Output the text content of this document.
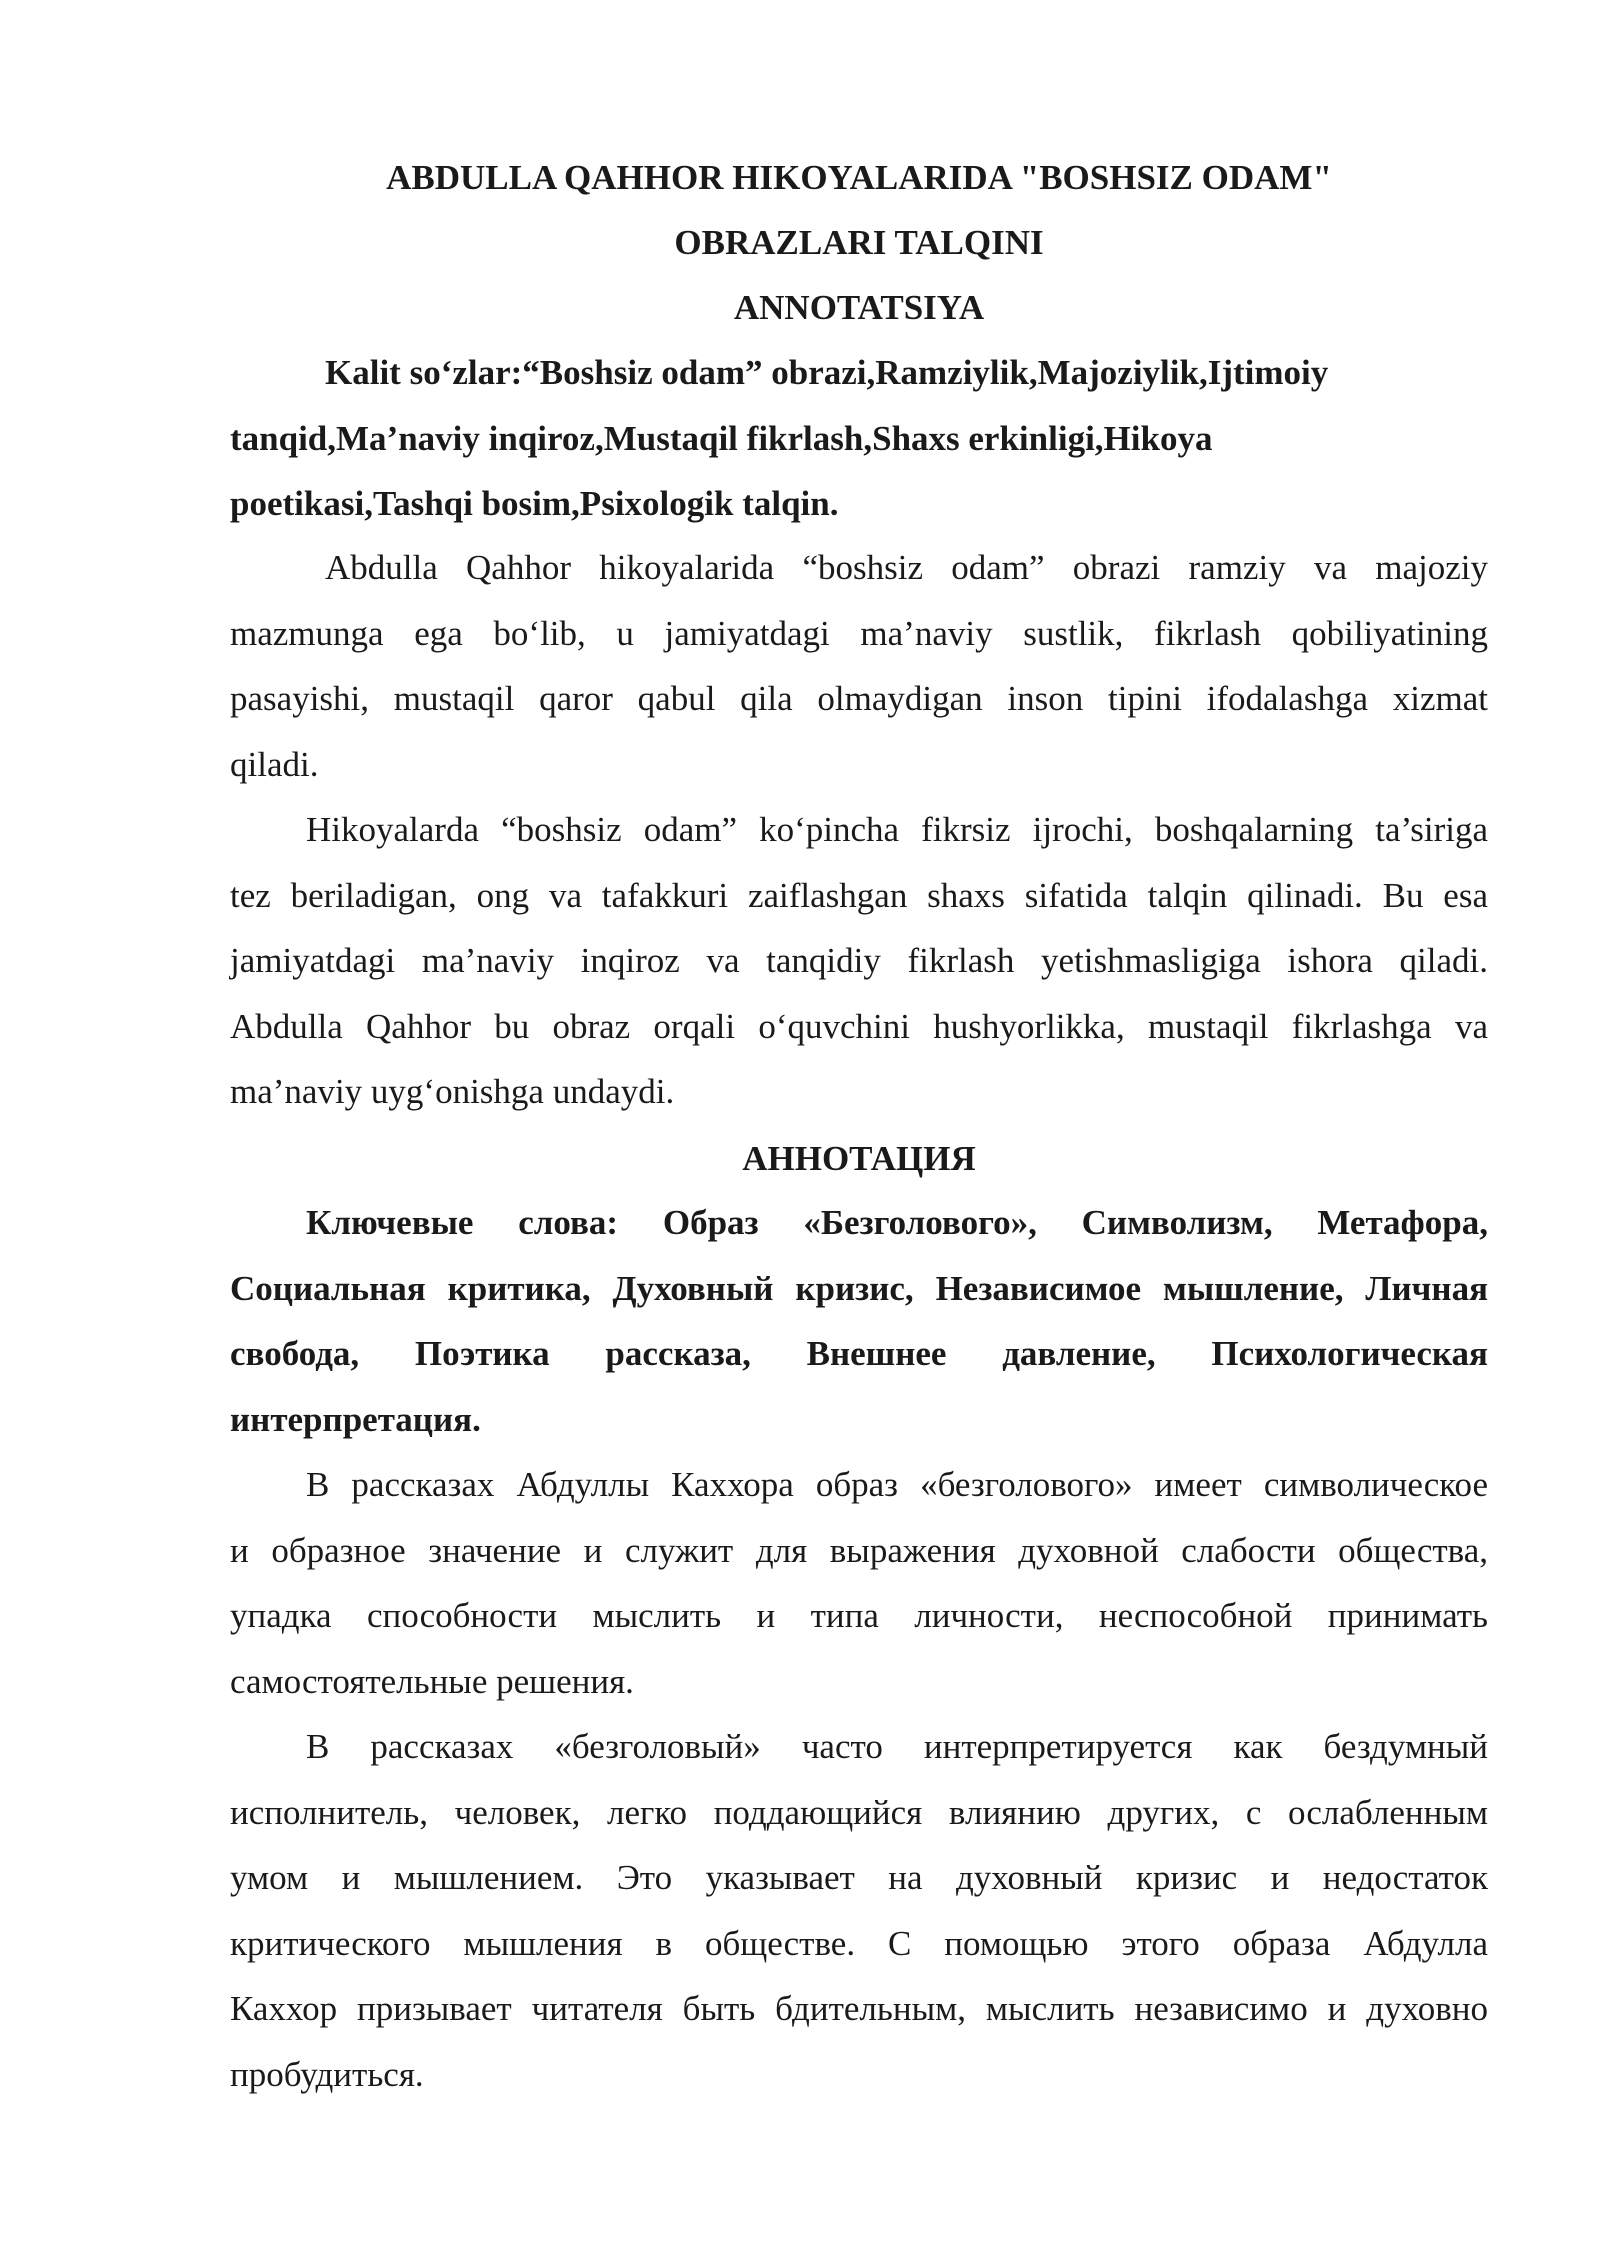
ABDULLA QAHHOR HIKOYALARIDA "BOSHSIZ ODAM"

OBRAZLARI TALQINI

ANNOTATSIYA

Kalit so‘zlar:“Boshsiz odam” obrazi,Ramziylik,Majoziylik,Ijtimoiy
tanqid,Ma’naviy inqiroz,Mustaqil fikrlash,Shaxs erkinligi,Hikoya
poetikasi,Tashqi bosim,Psixologik talqin.
Abdulla Qahhor hikoyalarida “boshsiz odam” obrazi ramziy va majoziy
mazmunga ega bo‘lib, u jamiyatdagi ma’naviy sustlik, fikrlash qobiliyatining
pasayishi, mustaqil qaror qabul qila olmaydigan inson tipini ifodalashga xizmat
qiladi.
Hikoyalarda “boshsiz odam” ko‘pincha fikrsiz ijrochi, boshqalarning ta’siriga
tez beriladigan, ong va tafakkuri zaiflashgan shaxs sifatida talqin qilinadi. Bu esa
jamiyatdagi ma’naviy inqiroz va tanqidiy fikrlash yetishmasligiga ishora qiladi.
Abdulla Qahhor bu obraz orqali o‘quvchini hushyorlikka, mustaqil fikrlashga va
ma’naviy uyg‘onishga undaydi.

АННОТАЦИЯ

Ключевые слова: Образ «Безголового», Символизм, Метафора,
Социальная критика, Духовный кризис, Независимое мышление, Личная
свобода, Поэтика рассказа, Внешнее давление, Психологическая
интерпретация.
В рассказах Абдуллы Каххора образ «безголового» имеет символическое
и образное значение и служит для выражения духовной слабости общества,
упадка способности мыслить и типа личности, неспособной принимать
самостоятельные решения.
В рассказах «безголовый» часто интерпретируется как бездумный
исполнитель, человек, легко поддающийся влиянию других, с ослабленным
умом и мышлением. Это указывает на духовный кризис и недостаток
критического мышления в обществе. С помощью этого образа Абдулла
Каххор призывает читателя быть бдительным, мыслить независимо и духовно
пробудиться.
